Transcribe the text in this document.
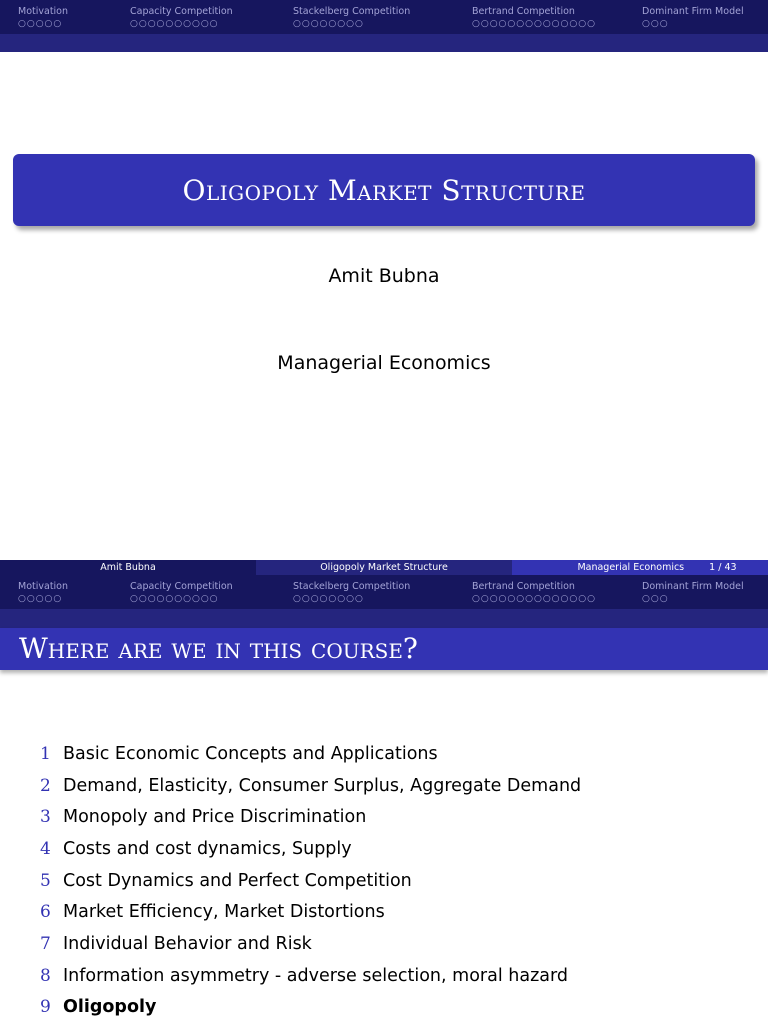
Motivation
○○○○○
Capacity Competition
○○○○○○○○○○
Stackelberg Competition
○○○○○○○○
Bertrand Competition
○○○○○○○○○○○○○○
Dominant Firm Model
○○○
Oligopoly Market Structure
Amit Bubna
Managerial Economics
Amit Bubna	Oligopoly Market Structure	Managerial Economics	1 / 43
Motivation
○○○○○
Capacity Competition
○○○○○○○○○○
Stackelberg Competition
○○○○○○○○
Bertrand Competition
○○○○○○○○○○○○○○
Dominant Firm Model
○○○
Where are we in this course?
1 Basic Economic Concepts and Applications
2 Demand, Elasticity, Consumer Surplus, Aggregate Demand
3 Monopoly and Price Discrimination
4 Costs and cost dynamics, Supply
5 Cost Dynamics and Perfect Competition
6 Market Efficiency, Market Distortions
7 Individual Behavior and Risk
8 Information asymmetry - adverse selection, moral hazard
9 Oligopoly
